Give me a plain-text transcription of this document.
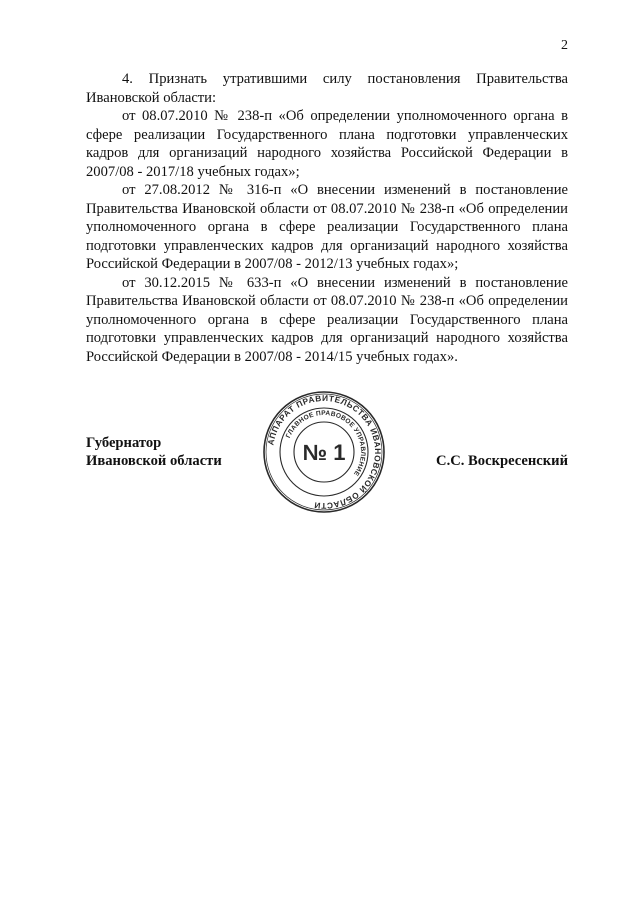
2

4. Признать утратившими силу постановления Правительства Ивановской области:

от 08.07.2010 № 238-п «Об определении уполномоченного органа в сфере реализации Государственного плана подготовки управленческих кадров для организаций народного хозяйства Российской Федерации в 2007/08 - 2017/18 учебных годах»;

от 27.08.2012 № 316-п «О внесении изменений в постановление Правительства Ивановской области от 08.07.2010 № 238-п «Об определении уполномоченного органа в сфере реализации Государственного плана подготовки управленческих кадров для организаций народного хозяйства Российской Федерации в 2007/08 - 2012/13 учебных годах»;

от 30.12.2015 № 633-п «О внесении изменений в постановление Правительства Ивановской области от 08.07.2010 № 238-п «Об определении уполномоченного органа в сфере реализации Государственного плана подготовки управленческих кадров для организаций народного хозяйства Российской Федерации в 2007/08 - 2014/15 учебных годах».

Губернатор
Ивановской области	С.С. Воскресенский
АППАРАТ ПРАВИТЕЛЬСТВА ИВАНОВСКОЙ ОБЛАСТИ
ГЛАВНОЕ ПРАВОВОЕ УПРАВЛЕНИЕ
№ 1
